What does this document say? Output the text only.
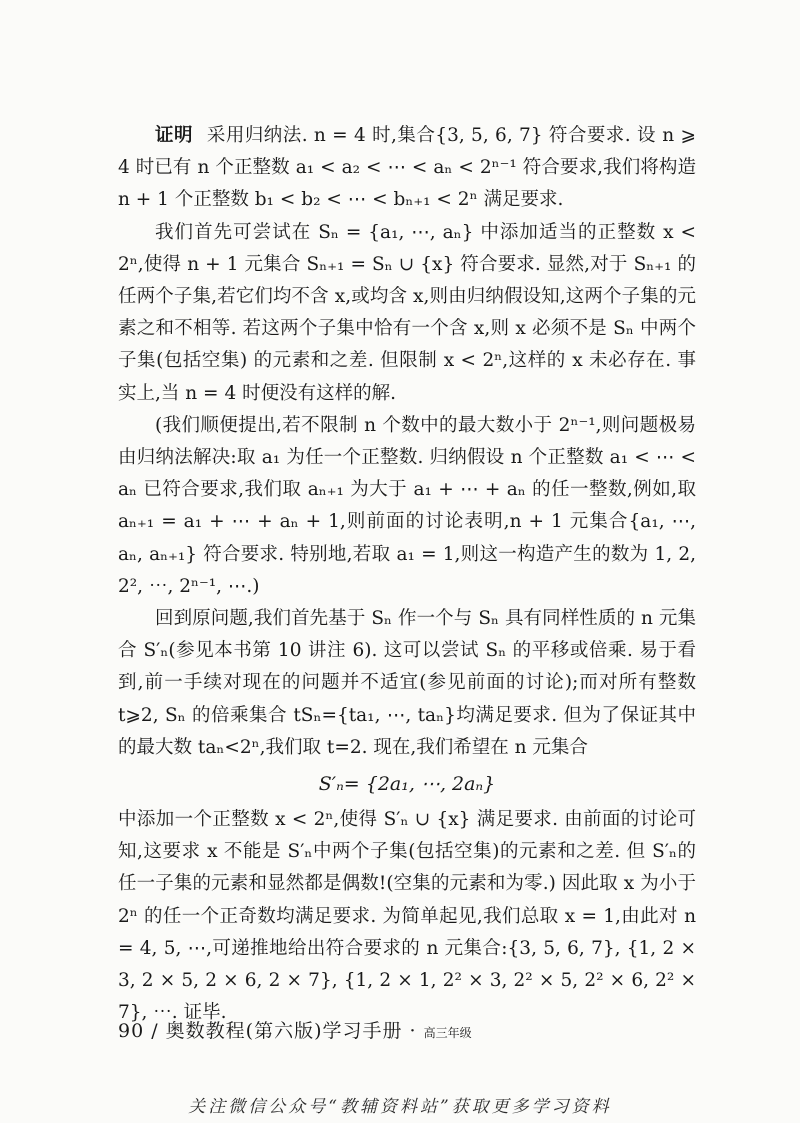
证明 采用归纳法. n = 4 时,集合{3, 5, 6, 7} 符合要求. 设 n ⩾ 4 时已有 n 个正整数 a₁ < a₂ < ⋯ < aₙ < 2ⁿ⁻¹ 符合要求,我们将构造 n + 1 个正整数 b₁ < b₂ < ⋯ < bₙ₊₁ < 2ⁿ 满足要求.

我们首先可尝试在 Sₙ = {a₁, ⋯, aₙ} 中添加适当的正整数 x < 2ⁿ,使得 n + 1 元集合 Sₙ₊₁ = Sₙ ∪ {x} 符合要求. 显然,对于 Sₙ₊₁ 的任两个子集,若它们均不含 x,或均含 x,则由归纳假设知,这两个子集的元素之和不相等. 若这两个子集中恰有一个含 x,则 x 必须不是 Sₙ 中两个子集(包括空集) 的元素和之差. 但限制 x < 2ⁿ,这样的 x 未必存在. 事实上,当 n = 4 时便没有这样的解.

(我们顺便提出,若不限制 n 个数中的最大数小于 2ⁿ⁻¹,则问题极易由归纳法解决:取 a₁ 为任一个正整数. 归纳假设 n 个正整数 a₁ < ⋯ < aₙ 已符合要求,我们取 aₙ₊₁ 为大于 a₁ + ⋯ + aₙ 的任一整数,例如,取 aₙ₊₁ = a₁ + ⋯ + aₙ + 1,则前面的讨论表明,n + 1 元集合{a₁, ⋯, aₙ, aₙ₊₁} 符合要求. 特别地,若取 a₁ = 1,则这一构造产生的数为 1, 2, 2², ⋯, 2ⁿ⁻¹, ⋯.)

回到原问题,我们首先基于 Sₙ 作一个与 Sₙ 具有同样性质的 n 元集合 S′ₙ(参见本书第 10 讲注 6). 这可以尝试 Sₙ 的平移或倍乘. 易于看到,前一手续对现在的问题并不适宜(参见前面的讨论);而对所有整数 t⩾2, Sₙ 的倍乘集合 tSₙ={ta₁, ⋯, taₙ}均满足要求. 但为了保证其中的最大数 taₙ<2ⁿ,我们取 t=2. 现在,我们希望在 n 元集合

S′ₙ= {2a₁, ⋯, 2aₙ}

中添加一个正整数 x < 2ⁿ,使得 S′ₙ ∪ {x} 满足要求. 由前面的讨论可知,这要求 x 不能是 S′ₙ中两个子集(包括空集)的元素和之差. 但 S′ₙ的任一子集的元素和显然都是偶数!(空集的元素和为零.) 因此取 x 为小于 2ⁿ 的任一个正奇数均满足要求. 为简单起见,我们总取 x = 1,由此对 n = 4, 5, ⋯,可递推地给出符合要求的 n 元集合:{3, 5, 6, 7}, {1, 2 × 3, 2 × 5, 2 × 6, 2 × 7}, {1, 2 × 1, 2² × 3, 2² × 5, 2² × 6, 2² × 7}, ⋯. 证毕.

90 / 奥数教程(第六版)学习手册 · 高三年级
关注微信公众号“教辅资料站”获取更多学习资料
